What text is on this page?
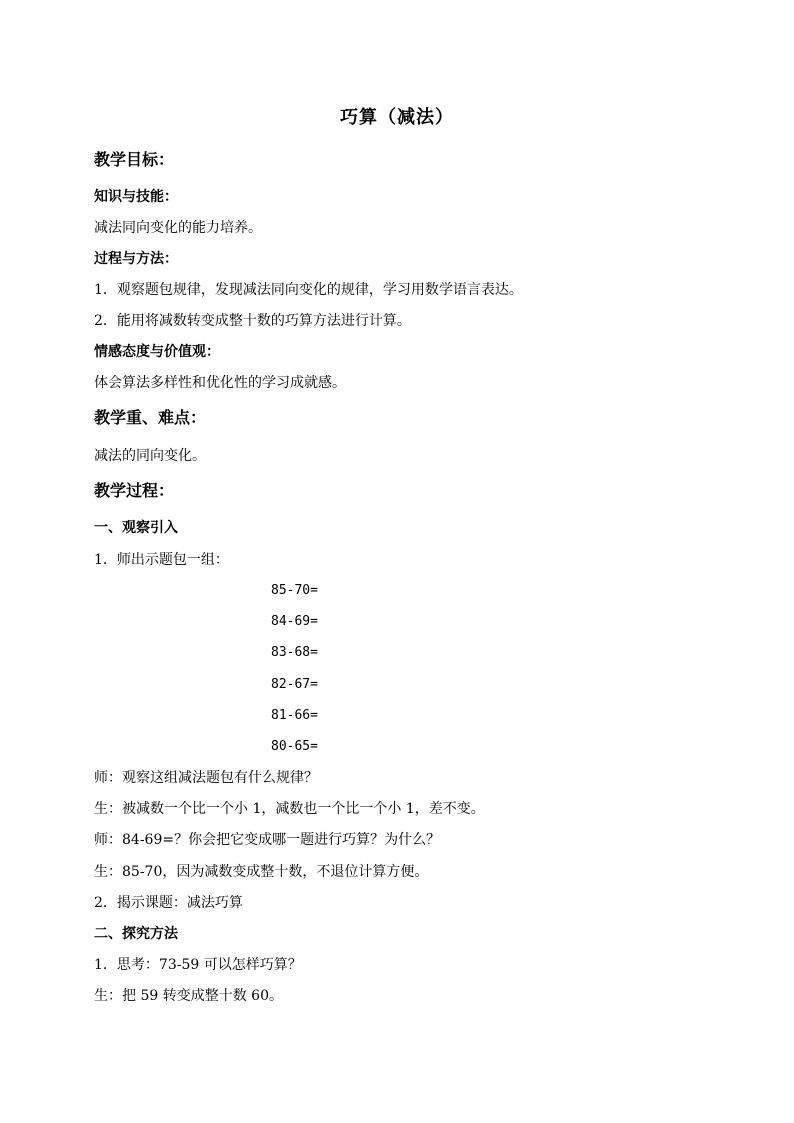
巧算（减法）
教学目标：
知识与技能：
减法同向变化的能力培养。
过程与方法：
1．观察题包规律，发现减法同向变化的规律，学习用数学语言表达。
2．能用将减数转变成整十数的巧算方法进行计算。
情感态度与价值观：
体会算法多样性和优化性的学习成就感。
教学重、难点：
减法的同向变化。
教学过程：
一、观察引入
1．师出示题包一组：
85-70=
84-69=
83-68=
82-67=
81-66=
80-65=
师：观察这组减法题包有什么规律？
生：被减数一个比一个小 1，减数也一个比一个小 1，差不变。
师：84-69=？你会把它变成哪一题进行巧算？为什么？
生：85-70，因为减数变成整十数，不退位计算方便。
2．揭示课题：减法巧算
二、探究方法
1．思考：73-59 可以怎样巧算？
生：把 59 转变成整十数 60。
